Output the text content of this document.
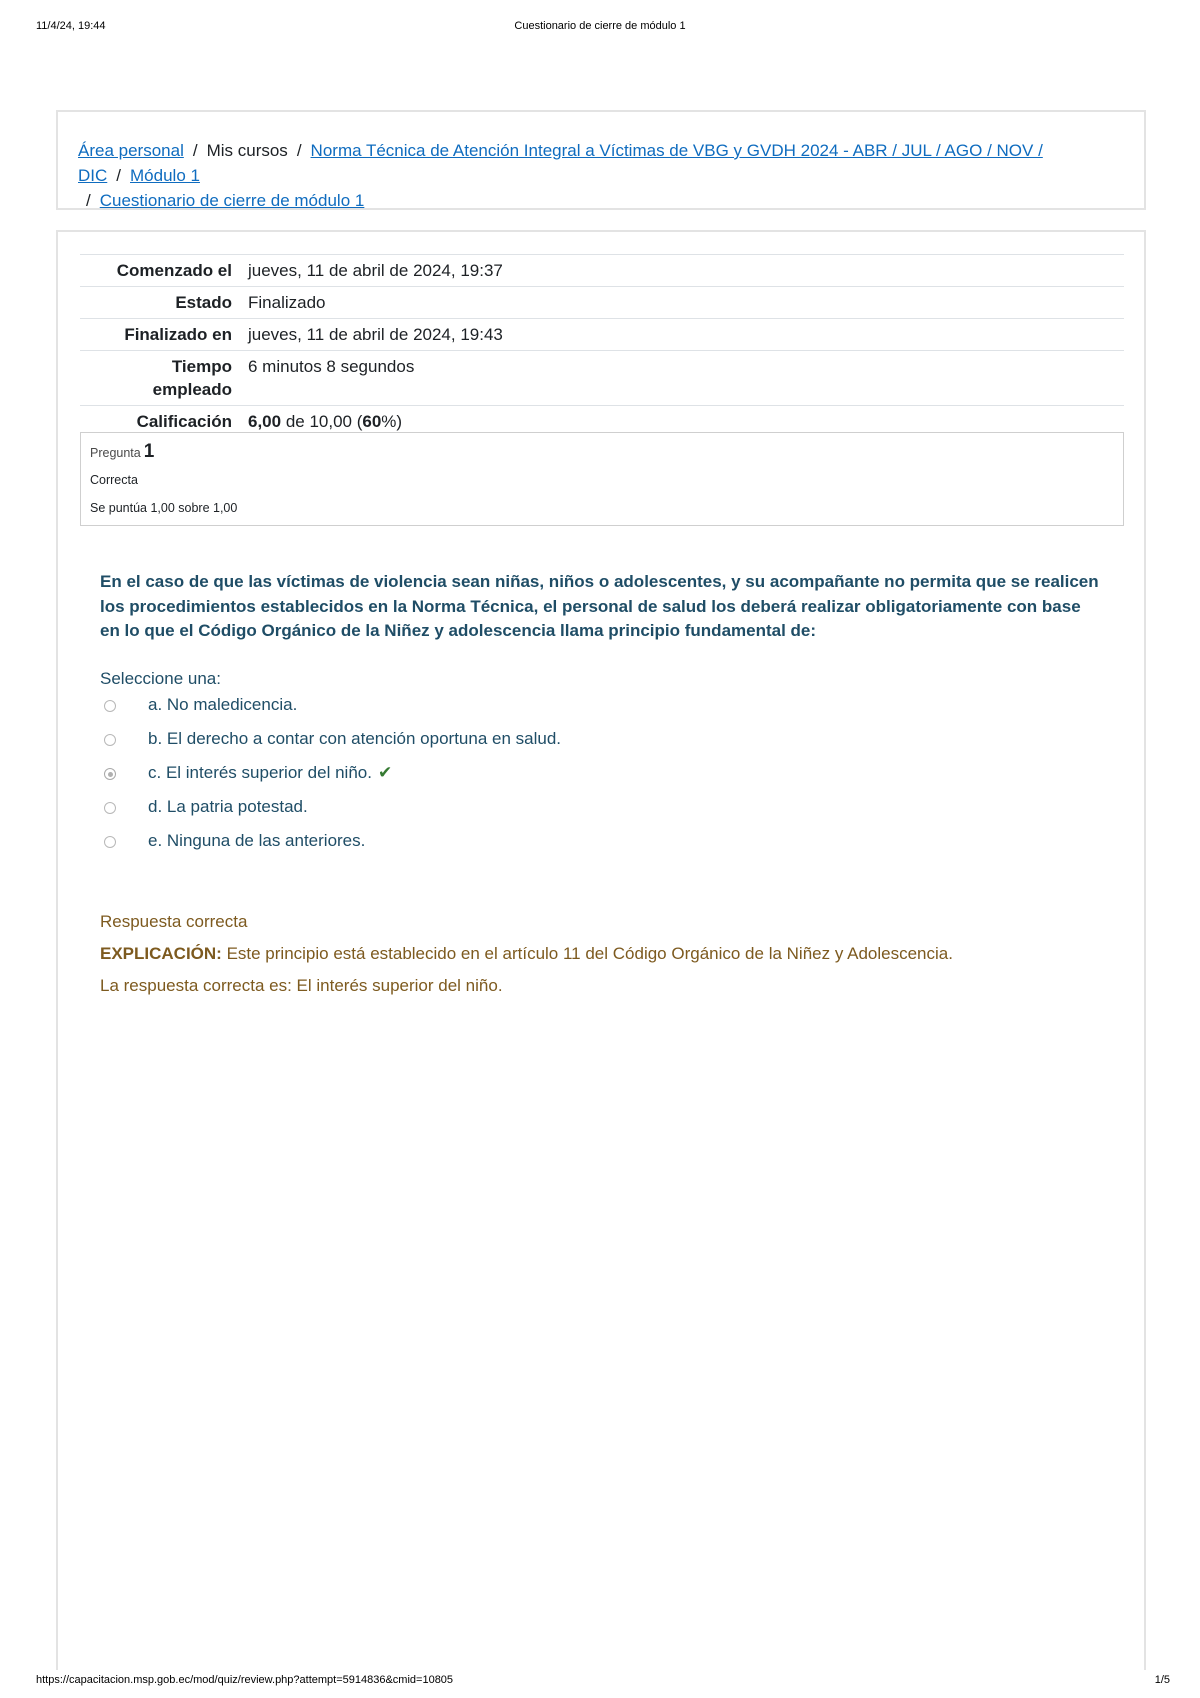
11/4/24, 19:44	Cuestionario de cierre de módulo 1
Área personal / Mis cursos / Norma Técnica de Atención Integral a Víctimas de VBG y GVDH 2024 - ABR / JUL / AGO / NOV / DIC / Módulo 1
/ Cuestionario de cierre de módulo 1
Comenzado el	jueves, 11 de abril de 2024, 19:37
Estado	Finalizado
Finalizado en	jueves, 11 de abril de 2024, 19:43
Tiempo
empleado	6 minutos 8 segundos
Calificación	6,00 de 10,00 (60%)
Pregunta 1
Correcta
Se puntúa 1,00 sobre 1,00
En el caso de que las víctimas de violencia sean niñas, niños o adolescentes, y su acompañante no permita que se realicen los procedimientos establecidos en la Norma Técnica, el personal de salud los deberá realizar obligatoriamente con base en lo que el Código Orgánico de la Niñez y adolescencia llama principio fundamental de:
Seleccione una:
a. No maledicencia.
b. El derecho a contar con atención oportuna en salud.
c. El interés superior del niño. ✔
d. La patria potestad.
e. Ninguna de las anteriores.
Respuesta correcta
EXPLICACIÓN: Este principio está establecido en el artículo 11 del Código Orgánico de la Niñez y Adolescencia.
La respuesta correcta es: El interés superior del niño.
https://capacitacion.msp.gob.ec/mod/quiz/review.php?attempt=5914836&cmid=10805	1/5
